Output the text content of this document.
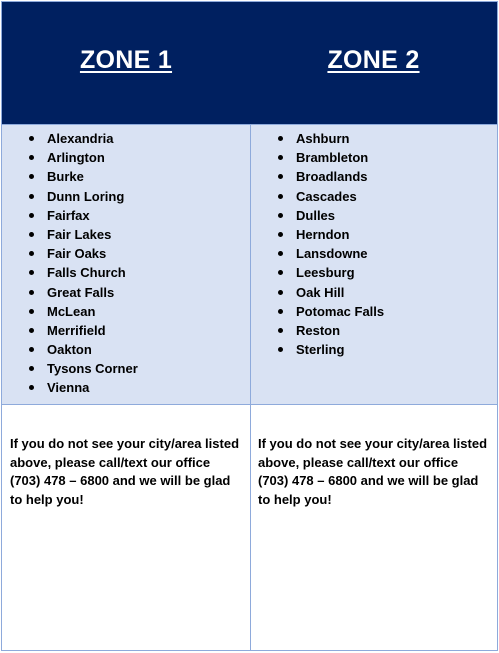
ZONE 1	ZONE 2
Alexandria
Arlington
Burke
Dunn Loring
Fairfax
Fair Lakes
Fair Oaks
Falls Church
Great Falls
McLean
Merrifield
Oakton
Tysons Corner
Vienna
Ashburn
Brambleton
Broadlands
Cascades
Dulles
Herndon
Lansdowne
Leesburg
Oak Hill
Potomac Falls
Reston
Sterling

If you do not see your city/area listed above, please call/text our office (703) 478 – 6800 and we will be glad to help you!

If you do not see your city/area listed above, please call/text our office (703) 478 – 6800 and we will be glad to help you!
